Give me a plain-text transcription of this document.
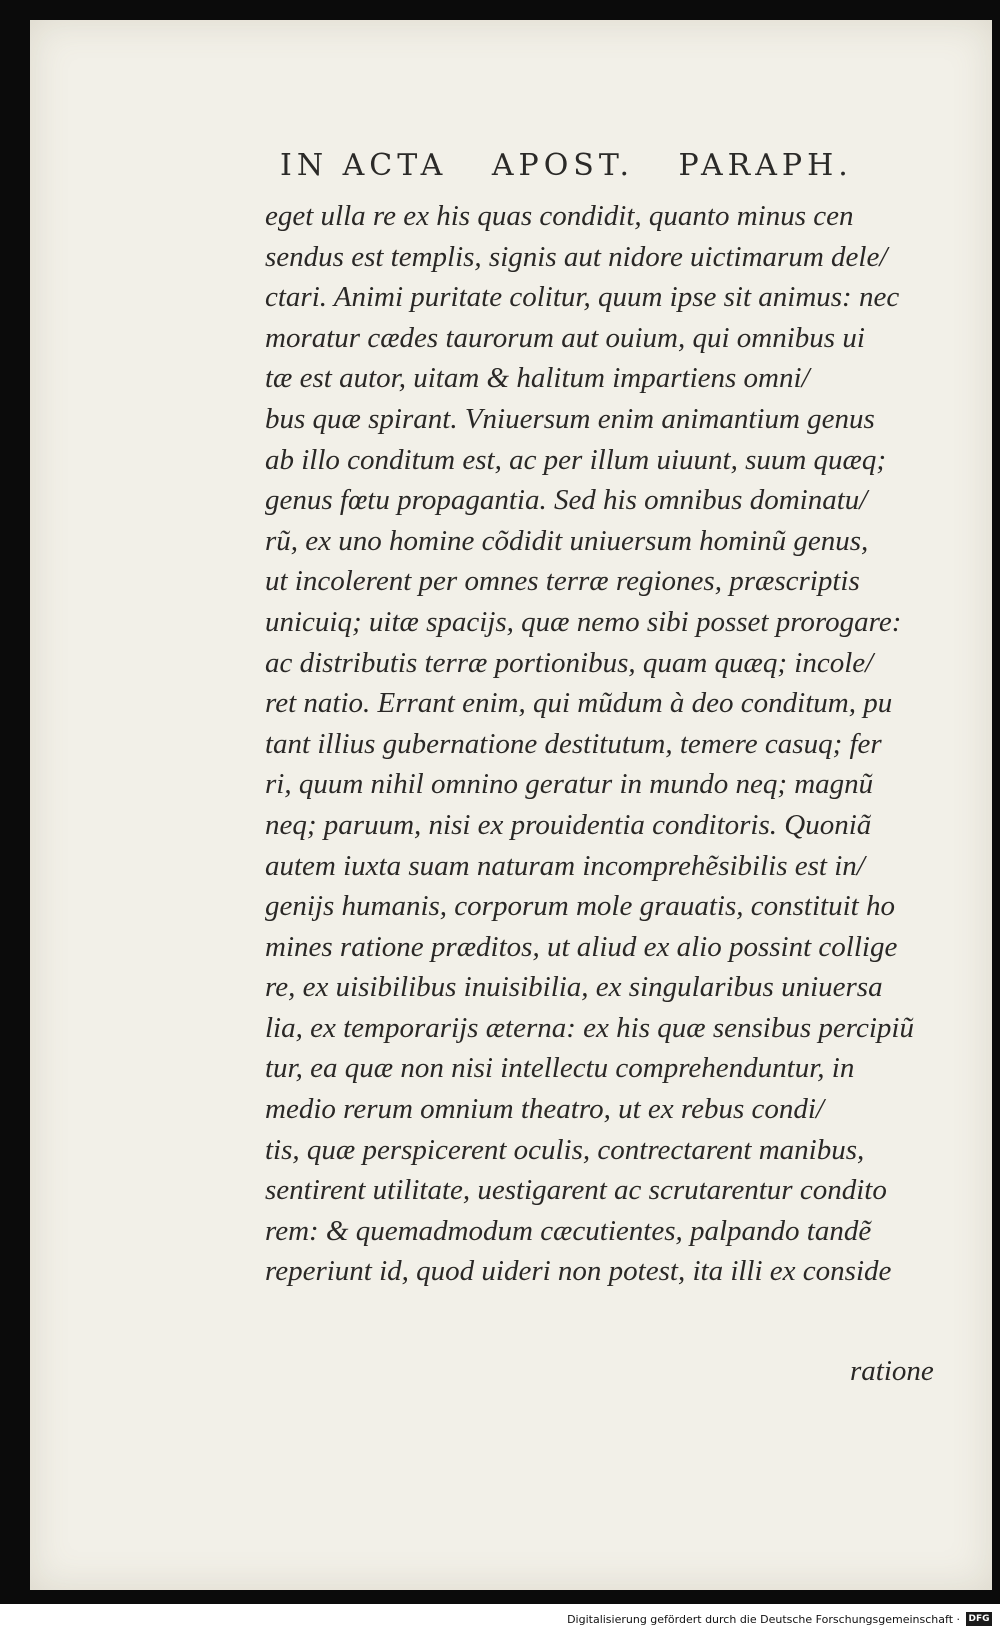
IN ACTA APOST. PARAPH.
eget ulla re ex his quas condidit, quanto minus cen
sendus est templis, signis aut nidore uictimarum dele/
ctari. Animi puritate colitur, quum ipse sit animus: nec
moratur cædes taurorum aut ouium, qui omnibus ui
tæ est autor, uitam & halitum impartiens omni/
bus quæ spirant. Vniuersum enim animantium genus
ab illo conditum est, ac per illum uiuunt, suum quæq;
genus fœtu propagantia. Sed his omnibus dominatu/
rũ, ex uno homine cõdidit uniuersum hominũ genus,
ut incolerent per omnes terræ regiones, præscriptis
unicuiq; uitæ spacijs, quæ nemo sibi posset prorogare:
ac distributis terræ portionibus, quam quæq; incole/
ret natio. Errant enim, qui mũdum à deo conditum, pu
tant illius gubernatione destitutum, temere casuq; fer
ri, quum nihil omnino geratur in mundo neq; magnũ
neq; paruum, nisi ex prouidentia conditoris. Quoniã
autem iuxta suam naturam incomprehẽsibilis est in/
genijs humanis, corporum mole grauatis, constituit ho
mines ratione præditos, ut aliud ex alio possint collige
re, ex uisibilibus inuisibilia, ex singularibus uniuersa
lia, ex temporarijs æterna: ex his quæ sensibus percipiũ
tur, ea quæ non nisi intellectu comprehenduntur, in
medio rerum omnium theatro, ut ex rebus condi/
tis, quæ perspicerent oculis, contrectarent manibus,
sentirent utilitate, uestigarent ac scrutarentur condito
rem: & quemadmodum cæcutientes, palpando tandẽ
reperiunt id, quod uideri non potest, ita illi ex conside
ratione
Digitalisierung gefördert durch die Deutsche Forschungsgemeinschaft · DFG
